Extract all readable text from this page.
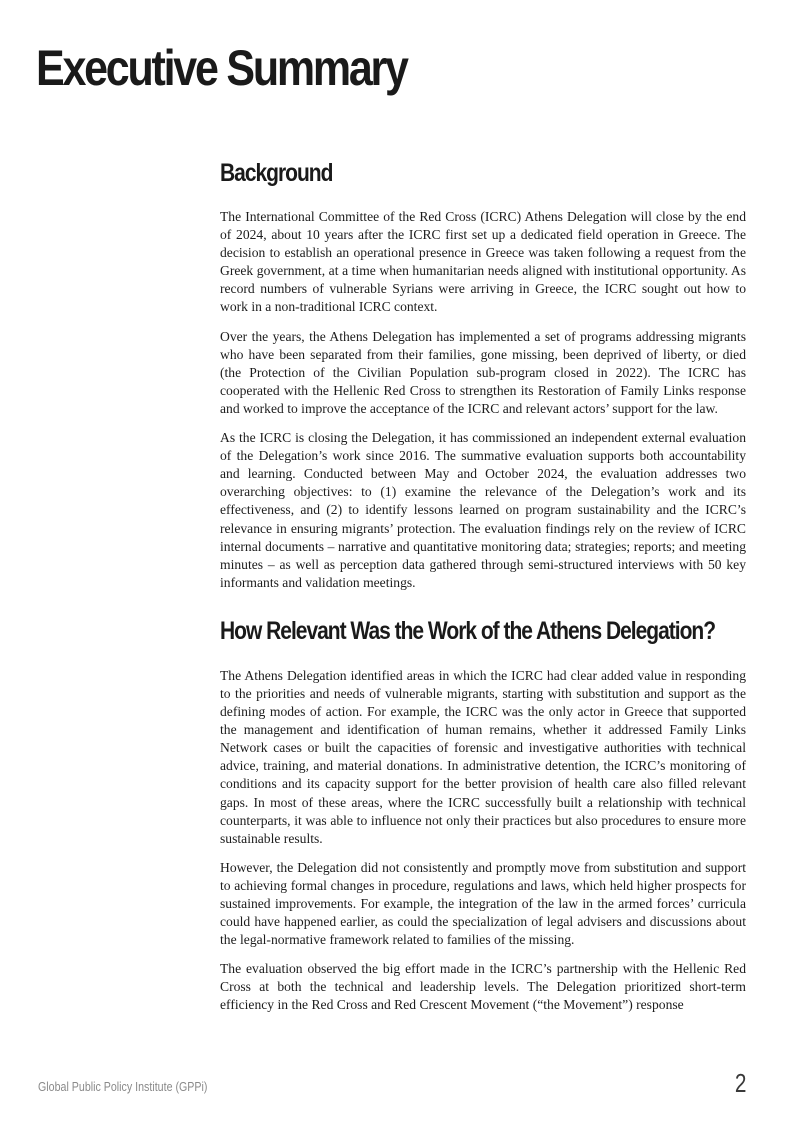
Executive Summary
Background

The International Committee of the Red Cross (ICRC) Athens Delegation will close by the end of 2024, about 10 years after the ICRC first set up a dedicated field operation in Greece. The decision to establish an operational presence in Greece was taken following a request from the Greek government, at a time when humanitarian needs aligned with institutional opportunity. As record numbers of vulnerable Syrians were arriving in Greece, the ICRC sought out how to work in a non-traditional ICRC context.

Over the years, the Athens Delegation has implemented a set of programs addressing migrants who have been separated from their families, gone missing, been deprived of liberty, or died (the Protection of the Civilian Population sub-program closed in 2022). The ICRC has cooperated with the Hellenic Red Cross to strengthen its Restoration of Family Links response and worked to improve the acceptance of the ICRC and relevant actors’ support for the law.

As the ICRC is closing the Delegation, it has commissioned an independent external evaluation of the Delegation’s work since 2016. The summative evaluation supports both accountability and learning. Conducted between May and October 2024, the evaluation addresses two overarching objectives: to (1) examine the relevance of the Delegation’s work and its effectiveness, and (2) to identify lessons learned on program sustainability and the ICRC’s relevance in ensuring migrants’ protection. The evaluation findings rely on the review of ICRC internal documents – narrative and quantitative monitoring data; strategies; reports; and meeting minutes – as well as perception data gathered through semi-structured interviews with 50 key informants and validation meetings.

How Relevant Was the Work of the Athens Delegation?

The Athens Delegation identified areas in which the ICRC had clear added value in responding to the priorities and needs of vulnerable migrants, starting with substitution and support as the defining modes of action. For example, the ICRC was the only actor in Greece that supported the management and identification of human remains, whether it addressed Family Links Network cases or built the capacities of forensic and investigative authorities with technical advice, training, and material donations. In administrative detention, the ICRC’s monitoring of conditions and its capacity support for the better provision of health care also filled relevant gaps. In most of these areas, where the ICRC successfully built a relationship with technical counterparts, it was able to influence not only their practices but also procedures to ensure more sustainable results.

However, the Delegation did not consistently and promptly move from substitution and support to achieving formal changes in procedure, regulations and laws, which held higher prospects for sustained improvements. For example, the integration of the law in the armed forces’ curricula could have happened earlier, as could the specialization of legal advisers and discussions about the legal-normative framework related to families of the missing.

The evaluation observed the big effort made in the ICRC’s partnership with the Hellenic Red Cross at both the technical and leadership levels. The Delegation prioritized short-term efficiency in the Red Cross and Red Crescent Movement (“the Movement”) response

Global Public Policy Institute (GPPi)	2
